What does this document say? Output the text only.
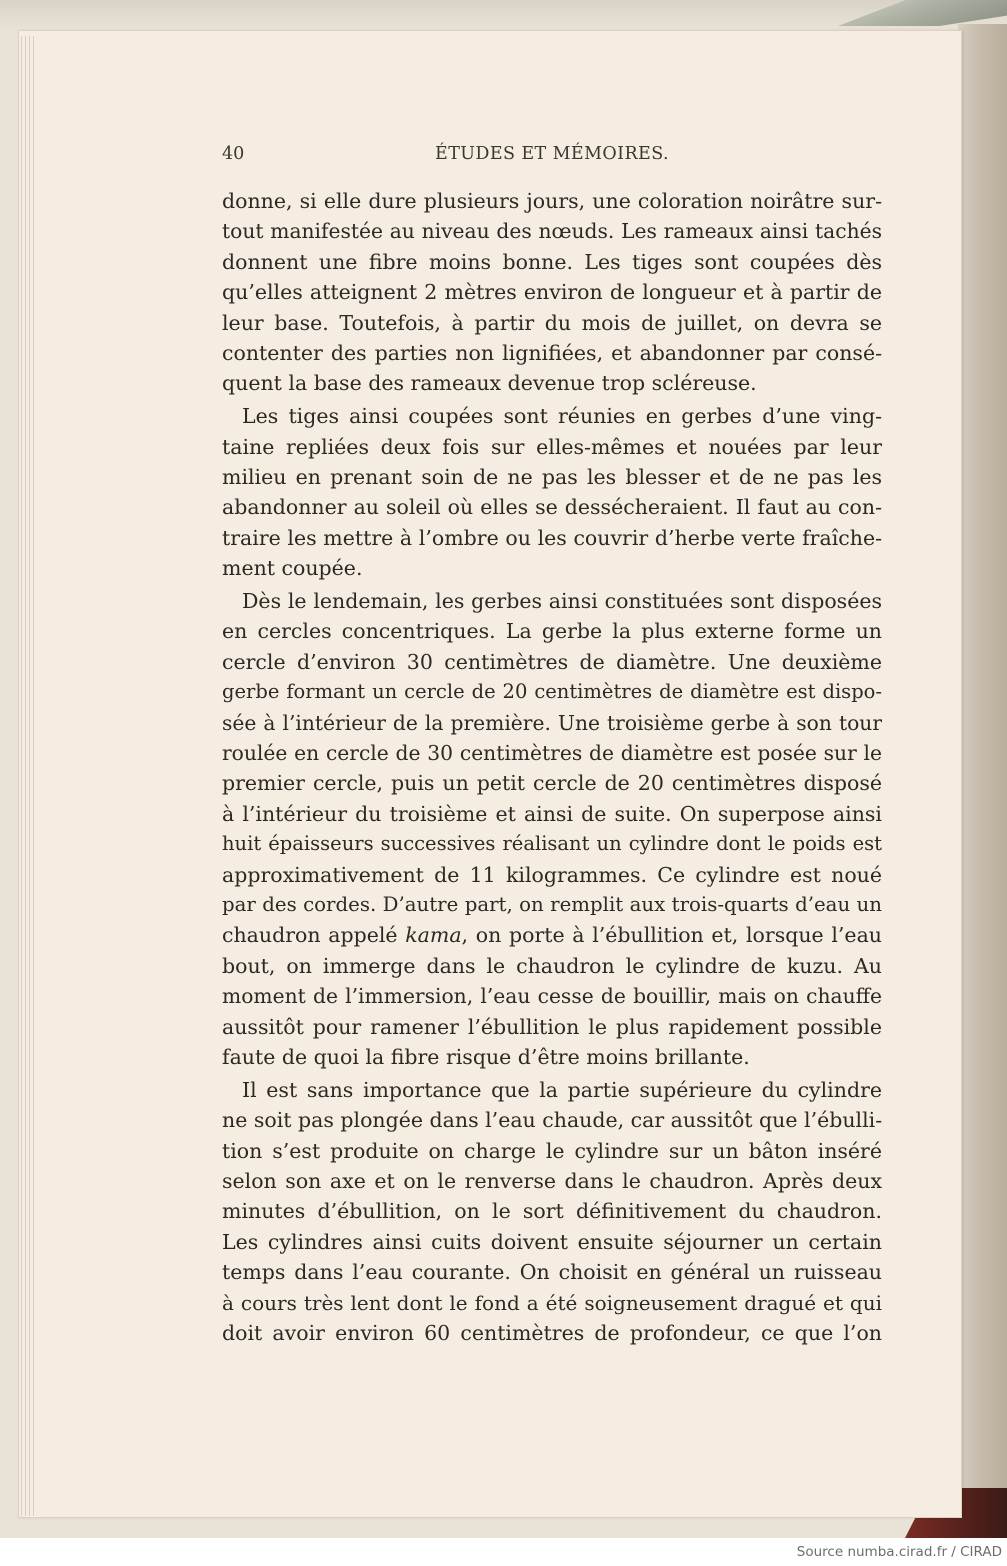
40	ÉTUDES ET MÉMOIRES.
donne, si elle dure plusieurs jours, une coloration noirâtre sur-
tout manifestée au niveau des nœuds. Les rameaux ainsi tachés
donnent une fibre moins bonne. Les tiges sont coupées dès
qu’elles atteignent 2 mètres environ de longueur et à partir de
leur base. Toutefois, à partir du mois de juillet, on devra se
contenter des parties non lignifiées, et abandonner par consé-
quent la base des rameaux devenue trop scléreuse.
Les tiges ainsi coupées sont réunies en gerbes d’une ving-
taine repliées deux fois sur elles-mêmes et nouées par leur
milieu en prenant soin de ne pas les blesser et de ne pas les
abandonner au soleil où elles se dessécheraient. Il faut au con-
traire les mettre à l’ombre ou les couvrir d’herbe verte fraîche-
ment coupée.
Dès le lendemain, les gerbes ainsi constituées sont disposées
en cercles concentriques. La gerbe la plus externe forme un
cercle d’environ 30 centimètres de diamètre. Une deuxième
gerbe formant un cercle de 20 centimètres de diamètre est dispo-
sée à l’intérieur de la première. Une troisième gerbe à son tour
roulée en cercle de 30 centimètres de diamètre est posée sur le
premier cercle, puis un petit cercle de 20 centimètres disposé
à l’intérieur du troisième et ainsi de suite. On superpose ainsi
huit épaisseurs successives réalisant un cylindre dont le poids est
approximativement de 11 kilogrammes. Ce cylindre est noué
par des cordes. D’autre part, on remplit aux trois-quarts d’eau un
chaudron appelé kama, on porte à l’ébullition et, lorsque l’eau
bout, on immerge dans le chaudron le cylindre de kuzu. Au
moment de l’immersion, l’eau cesse de bouillir, mais on chauffe
aussitôt pour ramener l’ébullition le plus rapidement possible
faute de quoi la fibre risque d’être moins brillante.
Il est sans importance que la partie supérieure du cylindre
ne soit pas plongée dans l’eau chaude, car aussitôt que l’ébulli-
tion s’est produite on charge le cylindre sur un bâton inséré
selon son axe et on le renverse dans le chaudron. Après deux
minutes d’ébullition, on le sort définitivement du chaudron.
Les cylindres ainsi cuits doivent ensuite séjourner un certain
temps dans l’eau courante. On choisit en général un ruisseau
à cours très lent dont le fond a été soigneusement dragué et qui
doit avoir environ 60 centimètres de profondeur, ce que l’on
Source numba.cirad.fr / CIRAD
